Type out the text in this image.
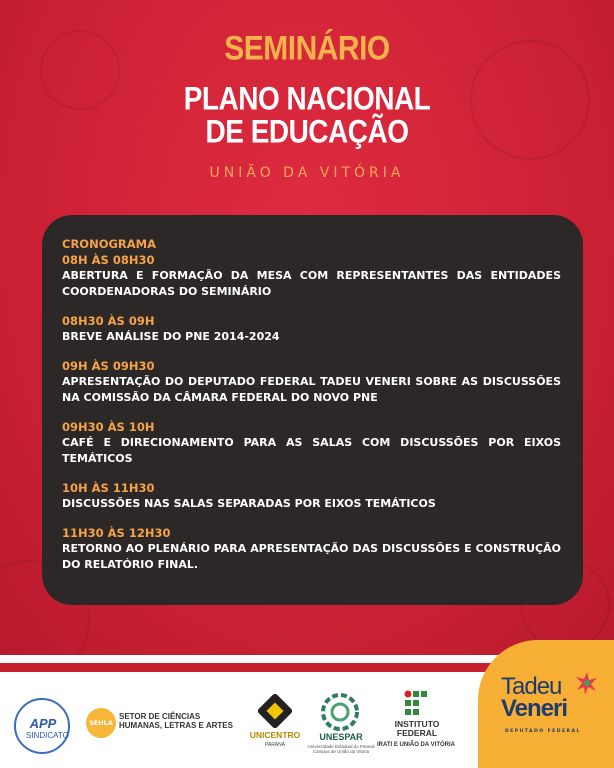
SEMINÁRIO
PLANO NACIONAL
DE EDUCAÇÃO
UNIÃO DA VITÓRIA
CRONOGRAMA
08H ÀS 08H30
ABERTURA E FORMAÇÃO DA MESA COM REPRESENTANTES DAS ENTIDADES COORDENADORAS DO SEMINÁRIO
08H30 ÀS 09H
BREVE ANÁLISE DO PNE 2014-2024
09H ÀS 09H30
APRESENTAÇÃO DO DEPUTADO FEDERAL TADEU VENERI SOBRE AS DISCUSSÕES NA COMISSÃO DA CÂMARA FEDERAL DO NOVO PNE
09H30 ÀS 10H
CAFÉ E DIRECIONAMENTO PARA AS SALAS COM DISCUSSÕES POR EIXOS TEMÁTICOS
10H ÀS 11H30
DISCUSSÕES NAS SALAS SEPARADAS POR EIXOS TEMÁTICOS
11H30 ÀS 12H30
RETORNO AO PLENÁRIO PARA APRESENTAÇÃO DAS DISCUSSÕES E CONSTRUÇÃO DO RELATÓRIO FINAL.
APP
SINDICATO
SEHLA
SETOR DE CIÊNCIAS HUMANAS, LETRAS E ARTES
UNICENTRO
PARANÁ
UNESPAR
Universidade Estadual do Paraná Campus de União da Vitória
INSTITUTO FEDERAL
IRATI E UNIÃO DA VITÓRIA
Tadeu
Veneri
DEPUTADO FEDERAL
